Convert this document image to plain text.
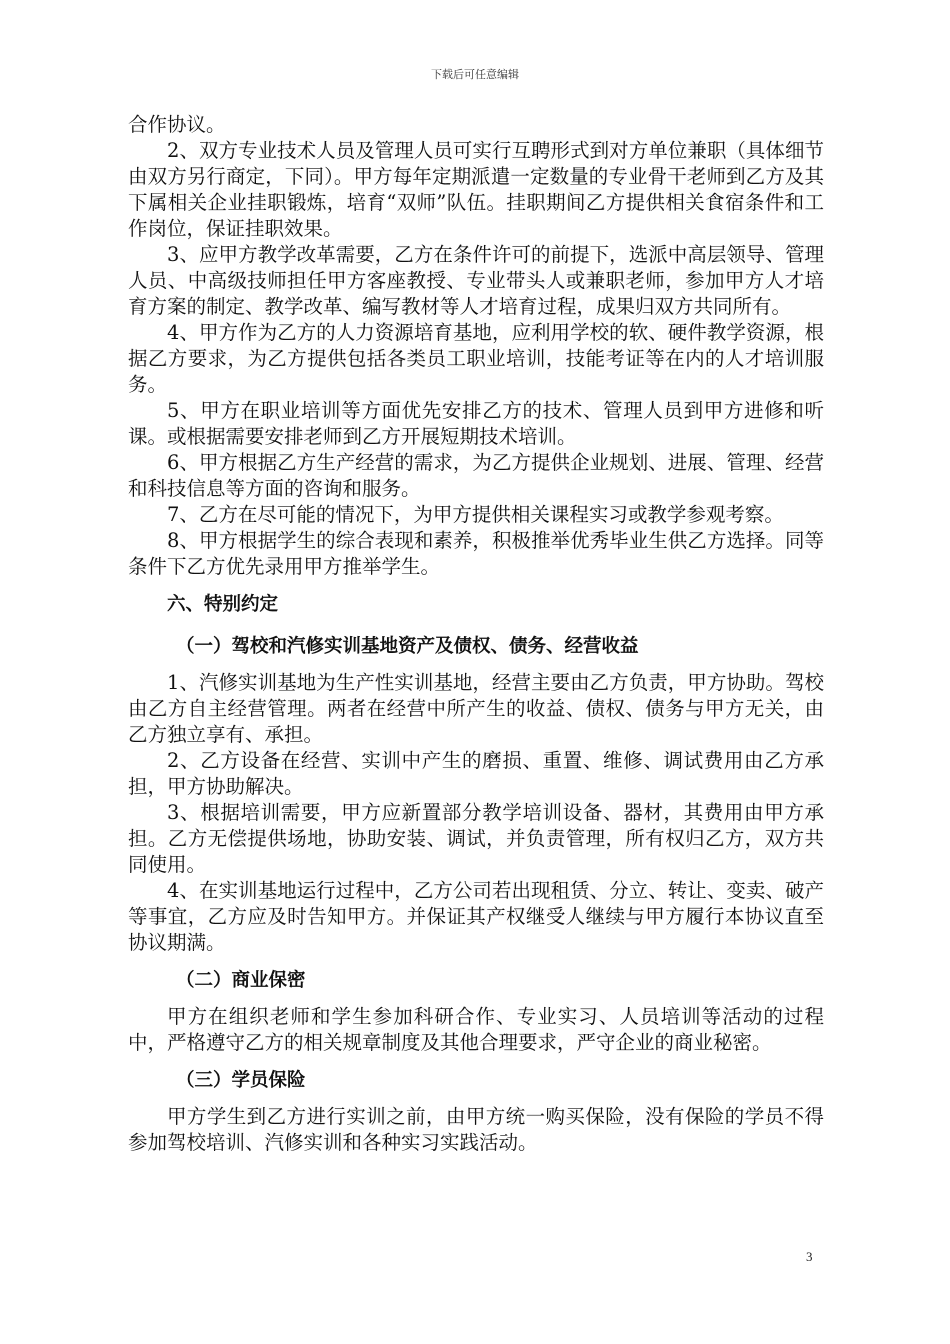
下载后可任意编辑

合作协议。

2、双方专业技术人员及管理人员可实行互聘形式到对方单位兼职（具体细节由双方另行商定，下同）。甲方每年定期派遣一定数量的专业骨干老师到乙方及其下属相关企业挂职锻炼，培育“双师”队伍。挂职期间乙方提供相关食宿条件和工作岗位，保证挂职效果。

3、应甲方教学改革需要，乙方在条件许可的前提下，选派中高层领导、管理人员、中高级技师担任甲方客座教授、专业带头人或兼职老师，参加甲方人才培育方案的制定、教学改革、编写教材等人才培育过程，成果归双方共同所有。

4、甲方作为乙方的人力资源培育基地，应利用学校的软、硬件教学资源，根据乙方要求，为乙方提供包括各类员工职业培训，技能考证等在内的人才培训服务。

5、甲方在职业培训等方面优先安排乙方的技术、管理人员到甲方进修和听课。或根据需要安排老师到乙方开展短期技术培训。

6、甲方根据乙方生产经营的需求，为乙方提供企业规划、进展、管理、经营和科技信息等方面的咨询和服务。

7、乙方在尽可能的情况下，为甲方提供相关课程实习或教学参观考察。

8、甲方根据学生的综合表现和素养，积极推举优秀毕业生供乙方选择。同等条件下乙方优先录用甲方推举学生。

六、特别约定
（一）驾校和汽修实训基地资产及债权、债务、经营收益

1、汽修实训基地为生产性实训基地，经营主要由乙方负责，甲方协助。驾校由乙方自主经营管理。两者在经营中所产生的收益、债权、债务与甲方无关，由乙方独立享有、承担。

2、乙方设备在经营、实训中产生的磨损、重置、维修、调试费用由乙方承担，甲方协助解决。

3、根据培训需要，甲方应新置部分教学培训设备、器材，其费用由甲方承担。乙方无偿提供场地，协助安装、调试，并负责管理，所有权归乙方，双方共同使用。

4、在实训基地运行过程中，乙方公司若出现租赁、分立、转让、变卖、破产等事宜，乙方应及时告知甲方。并保证其产权继受人继续与甲方履行本协议直至协议期满。

（二）商业保密

甲方在组织老师和学生参加科研合作、专业实习、人员培训等活动的过程中，严格遵守乙方的相关规章制度及其他合理要求，严守企业的商业秘密。

（三）学员保险

甲方学生到乙方进行实训之前，由甲方统一购买保险，没有保险的学员不得参加驾校培训、汽修实训和各种实习实践活动。

3
